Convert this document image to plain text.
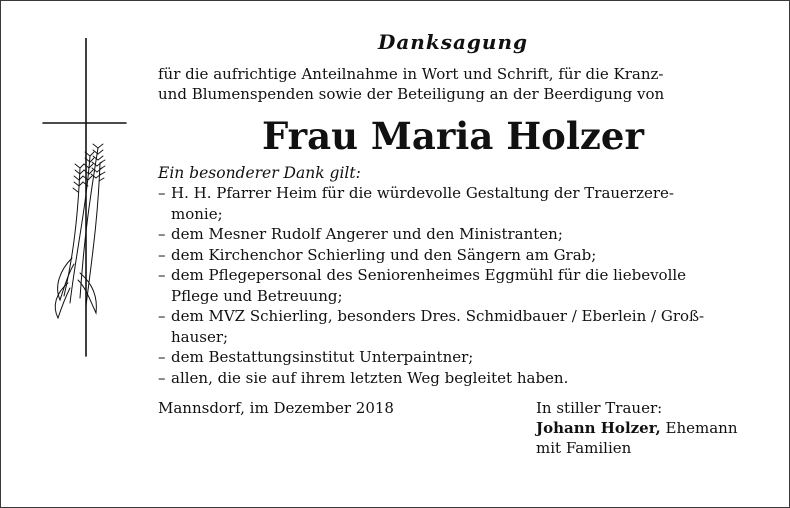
Danksagung

für die aufrichtige Anteilnahme in Wort und Schrift, für die Kranz-
und Blumenspenden sowie der Beteiligung an der Beerdigung von

Frau Maria Holzer

Ein besonderer Dank gilt:

– H. H. Pfarrer Heim für die würdevolle Gestaltung der Trauerzere-
monie;
– dem Mesner Rudolf Angerer und den Ministranten;
– dem Kirchenchor Schierling und den Sängern am Grab;
– dem Pflegepersonal des Seniorenheimes Eggmühl für die liebevolle
Pflege und Betreuung;
– dem MVZ Schierling, besonders Dres. Schmidbauer / Eberlein / Groß-
hauser;
– dem Bestattungsinstitut Unterpaintner;
– allen, die sie auf ihrem letzten Weg begleitet haben.
Mannsdorf, im Dezember 2018	In stiller Trauer:
Johann Holzer, Ehemann
mit Familien
